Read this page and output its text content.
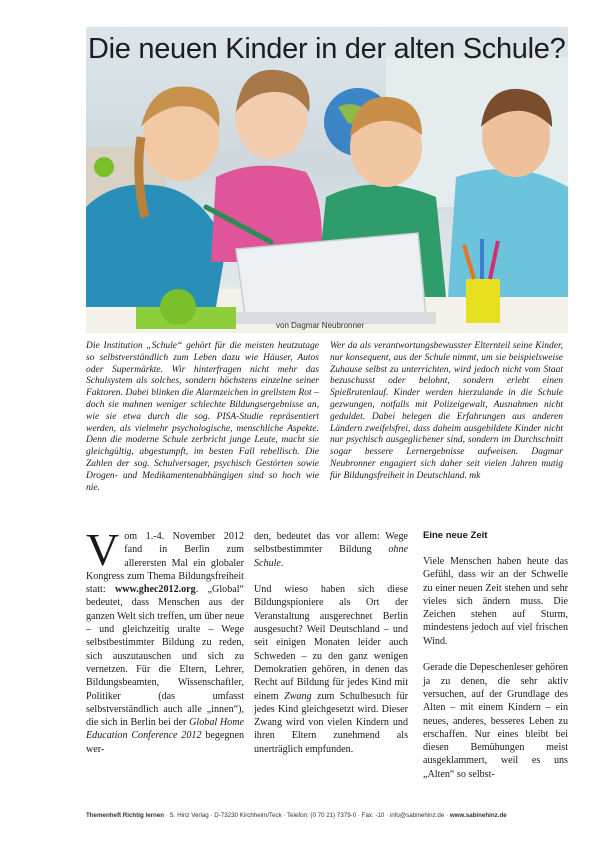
Die neuen Kinder in der alten Schule?
von Dagmar Neubronner

Die Institution „Schule“ gehört für die meisten heutzutage so selbstverständlich zum Leben dazu wie Häuser, Autos oder Supermärkte. Wir hinterfragen nicht mehr das Schulsystem als solches, sondern höchstens einzelne seiner Faktoren. Dabei blinken die Alarmzeichen in grellstem Rot – doch sie mahnen weniger schlechte Bildungsergebnisse an, wie sie etwa durch die sog. PISA-Studie repräsentiert werden, als vielmehr psychologische, menschliche Aspekte. Denn die moderne Schule zerbricht junge Leute, macht sie gleichgültig, abgestumpft, im besten Fall rebellisch. Die Zahlen der sog. Schulversager, psychisch Gestörten sowie Drogen- und Medikamentenabhängigen sind so hoch wie nie.

Wer da als verantwortungsbewusster Elternteil seine Kinder, nur konsequent, aus der Schule nimmt, um sie beispielsweise Zuhause selbst zu unterrichten, wird jedoch nicht vom Staat bezuschusst oder belohnt, sondern erlebt einen Spießrutenlauf. Kinder werden hierzulande in die Schule gezwungen, notfalls mit Polizeigewalt, Ausnahmen nicht geduldet. Dabei belegen die Erfahrungen aus anderen Ländern zweifelsfrei, dass daheim ausgebildete Kinder nicht nur psychisch ausgeglichener sind, sondern im Durchschnitt sogar bessere Lernergebnisse aufweisen. Dagmar Neubronner engagiert sich daher seit vielen Jahren mutig für Bildungsfreiheit in Deutschland. mk

Vom 1.-4. November 2012 fand in Berlin zum allerersten Mal ein globaler Kongress zum Thema Bildungsfreiheit statt: www.ghec2012.org. „Global“ bedeutet, dass Menschen aus der ganzen Welt sich treffen, um über neue – und gleichzeitig uralte – Wege selbstbestimmter Bildung zu reden, sich auszutauschen und sich zu vernetzen. Für die Eltern, Lehrer, Bildungsbeamten, Wissenschaftler, Politiker (das umfasst selbstverständlich auch alle „innen“), die sich in Berlin bei der Global Home Education Conference 2012 begegnen wer-

den, bedeutet das vor allem: Wege selbstbestimmter Bildung ohne Schule.

Und wieso haben sich diese Bildungspioniere als Ort der Veranstaltung ausgerechnet Berlin ausgesucht? Weil Deutschland – und seit einigen Monaten leider auch Schweden – zu den ganz wenigen Demokratien gehören, in denen das Recht auf Bildung für jedes Kind mit einem Zwang zum Schulbesuch für jedes Kind gleichgesetzt wird. Dieser Zwang wird von vielen Kindern und ihren Eltern zunehmend als unerträglich empfunden.

Eine neue Zeit

Viele Menschen haben heute das Gefühl, dass wir an der Schwelle zu einer neuen Zeit stehen und sehr vieles sich ändern muss. Die Zeichen stehen auf Sturm, mindestens jedoch auf viel frischen Wind.

Gerade die Depeschenleser gehören ja zu denen, die sehr aktiv versuchen, auf der Grundlage des Alten – mit einem Kindern – ein neues, anderes, besseres Leben zu erschaffen. Nur eines bleibt bei diesen Bemühungen meist ausgeklammert, weil es uns „Alten“ so selbst-

Themenheft Richtig lernen · S. Hinz Verlag · D-73230 Kirchheim/Teck · Telefon: (0 70 21) 7379-0 · Fax: -10 · info@sabinehinz.de · www.sabinehinz.de
